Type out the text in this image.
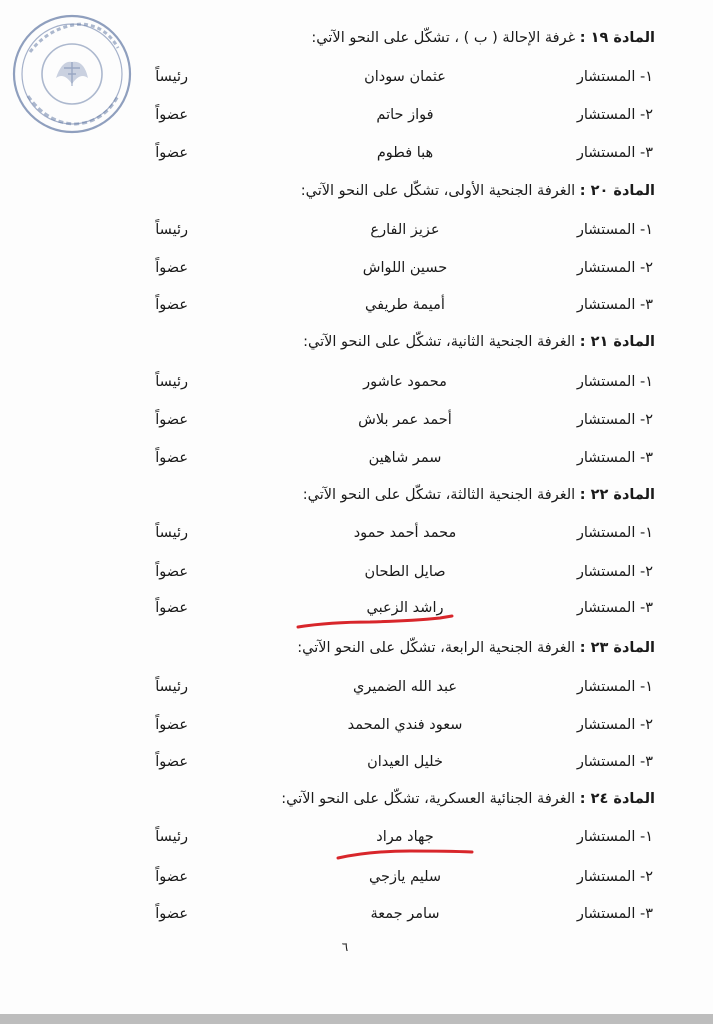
المادة ١٩ : غرفة الإحالة ( ب ) ، تشكّل على النحو الآتي:
١- المستشار
عثمان سودان
رئيساً
٢- المستشار
فواز حاتم
عضواً
٣- المستشار
هبا فطوم
عضواً
المادة ٢٠ : الغرفة الجنحية الأولى، تشكّل على النحو الآتي:
١- المستشار
عزيز الفارع
رئيساً
٢- المستشار
حسين اللواش
عضواً
٣- المستشار
أميمة طريفي
عضواً
المادة ٢١ : الغرفة الجنحية الثانية، تشكّل على النحو الآتي:
١- المستشار
محمود عاشور
رئيساً
٢- المستشار
أحمد عمر بلاش
عضواً
٣- المستشار
سمر شاهين
عضواً
المادة ٢٢ : الغرفة الجنحية الثالثة، تشكّل على النحو الآتي:
١- المستشار
محمد أحمد حمود
رئيساً
٢- المستشار
صايل الطحان
عضواً
٣- المستشار
راشد الزعبي
عضواً
المادة ٢٣ : الغرفة الجنحية الرابعة، تشكّل على النحو الآتي:
١- المستشار
عبد الله الضميري
رئيساً
٢- المستشار
سعود فندي المحمد
عضواً
٣- المستشار
خليل العيدان
عضواً
المادة ٢٤ : الغرفة الجنائية العسكرية، تشكّل على النحو الآتي:
١- المستشار
جهاد مراد
رئيساً
٢- المستشار
سليم يازجي
عضواً
٣- المستشار
سامر جمعة
عضواً
٦
